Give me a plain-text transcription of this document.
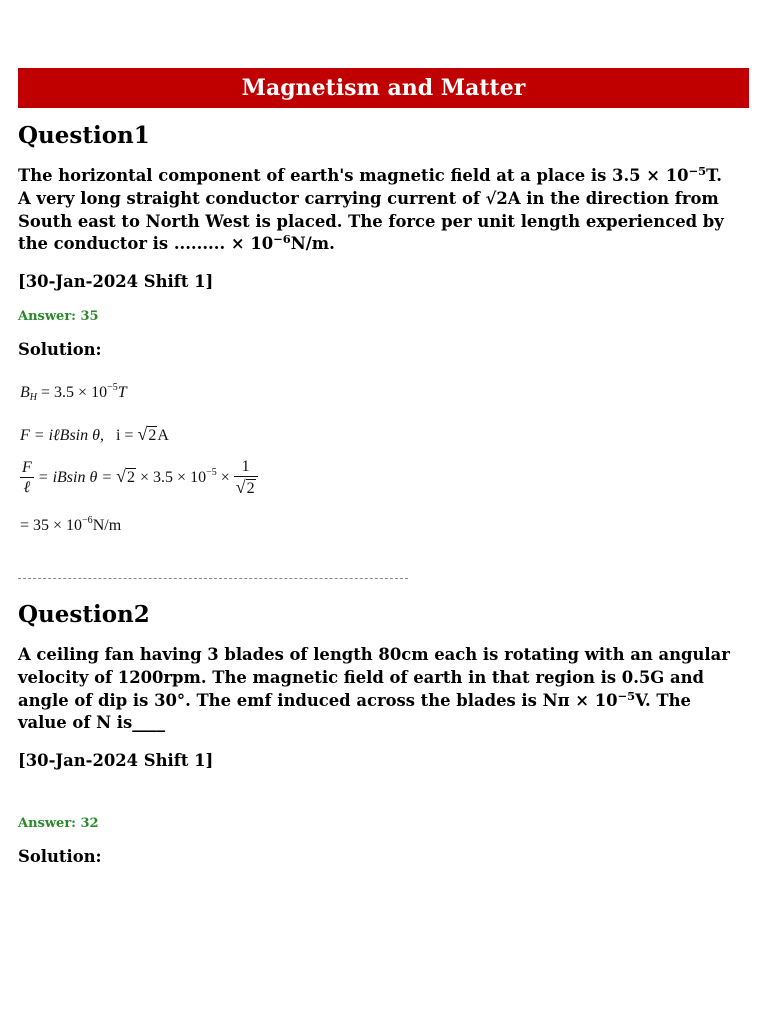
Magnetism and Matter
Question1
The horizontal component of earth's magnetic field at a place is $3.5 \times 10^{-5}T$. A very long straight conductor carrying current of √2A in the direction from South east to North West is placed. The force per unit length experienced by the conductor is ......... × $10^{-6}N/m$.
[30-Jan-2024 Shift 1]
Answer: 35
Solution:
$B_H = 3.5 \times 10^{-5}T$
F = iℓBsin θ, i = √2A
$\frac{F}{\text{ℓ}} = iBsin$ $\theta = √2 \times 3.5 \times 10^{-5} \times \frac{1}{√2}$
= $35 \times 10^{-6}N/m$
Question2
A ceiling fan having 3 blades of length 80cm each is rotating with an angular velocity of 1200rpm. The magnetic field of earth in that region is 0.5G and angle of dip is 30°. The emf induced across the blades is $N\pi \times 10^{-5}V$. The value of N is____
[30-Jan-2024 Shift 1]
Answer: 32
Solution:
